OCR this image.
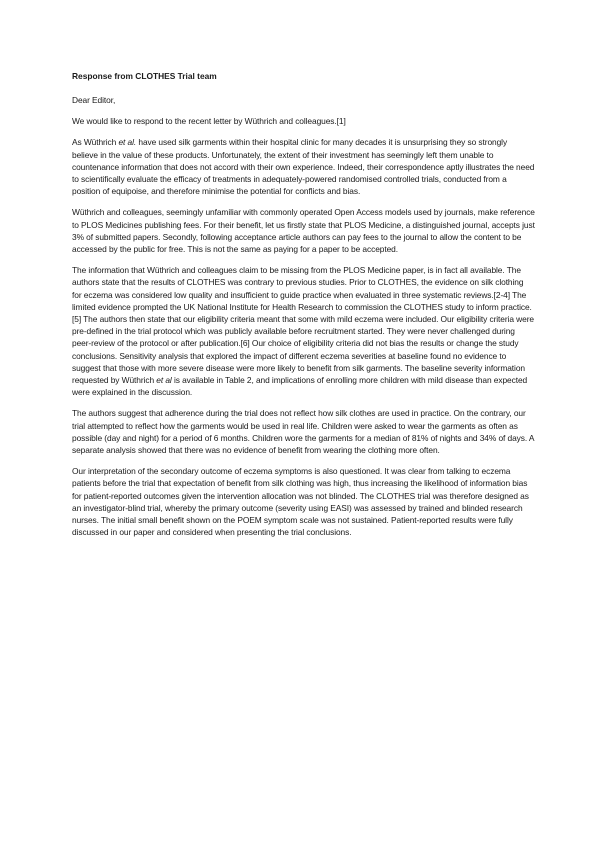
Response from CLOTHES Trial team
Dear Editor,

We would like to respond to the recent letter by Wüthrich and colleagues.[1]

As Wüthrich et al. have used silk garments within their hospital clinic for many decades it is unsurprising they so strongly believe in the value of these products. Unfortunately, the extent of their investment has seemingly left them unable to countenance information that does not accord with their own experience. Indeed, their correspondence aptly illustrates the need to scientifically evaluate the efficacy of treatments in adequately-powered randomised controlled trials, conducted from a position of equipoise, and therefore minimise the potential for conflicts and bias.

Wüthrich and colleagues, seemingly unfamiliar with commonly operated Open Access models used by journals, make reference to PLOS Medicines publishing fees. For their benefit, let us firstly state that PLOS Medicine, a distinguished journal, accepts just 3% of submitted papers. Secondly, following acceptance article authors can pay fees to the journal to allow the content to be accessed by the public for free. This is not the same as paying for a paper to be accepted.

The information that Wüthrich and colleagues claim to be missing from the PLOS Medicine paper, is in fact all available. The authors state that the results of CLOTHES was contrary to previous studies. Prior to CLOTHES, the evidence on silk clothing for eczema was considered low quality and insufficient to guide practice when evaluated in three systematic reviews.[2-4] The limited evidence prompted the UK National Institute for Health Research to commission the CLOTHES study to inform practice.[5] The authors then state that our eligibility criteria meant that some with mild eczema were included. Our eligibility criteria were pre-defined in the trial protocol which was publicly available before recruitment started. They were never challenged during peer-review of the protocol or after publication.[6] Our choice of eligibility criteria did not bias the results or change the study conclusions. Sensitivity analysis that explored the impact of different eczema severities at baseline found no evidence to suggest that those with more severe disease were more likely to benefit from silk garments. The baseline severity information requested by Wüthrich et al is available in Table 2, and implications of enrolling more children with mild disease than expected were explained in the discussion.

The authors suggest that adherence during the trial does not reflect how silk clothes are used in practice. On the contrary, our trial attempted to reflect how the garments would be used in real life. Children were asked to wear the garments as often as possible (day and night) for a period of 6 months. Children wore the garments for a median of 81% of nights and 34% of days. A separate analysis showed that there was no evidence of benefit from wearing the clothing more often.

Our interpretation of the secondary outcome of eczema symptoms is also questioned. It was clear from talking to eczema patients before the trial that expectation of benefit from silk clothing was high, thus increasing the likelihood of information bias for patient-reported outcomes given the intervention allocation was not blinded. The CLOTHES trial was therefore designed as an investigator-blind trial, whereby the primary outcome (severity using EASI) was assessed by trained and blinded research nurses. The initial small benefit shown on the POEM symptom scale was not sustained. Patient-reported results were fully discussed in our paper and considered when presenting the trial conclusions.
